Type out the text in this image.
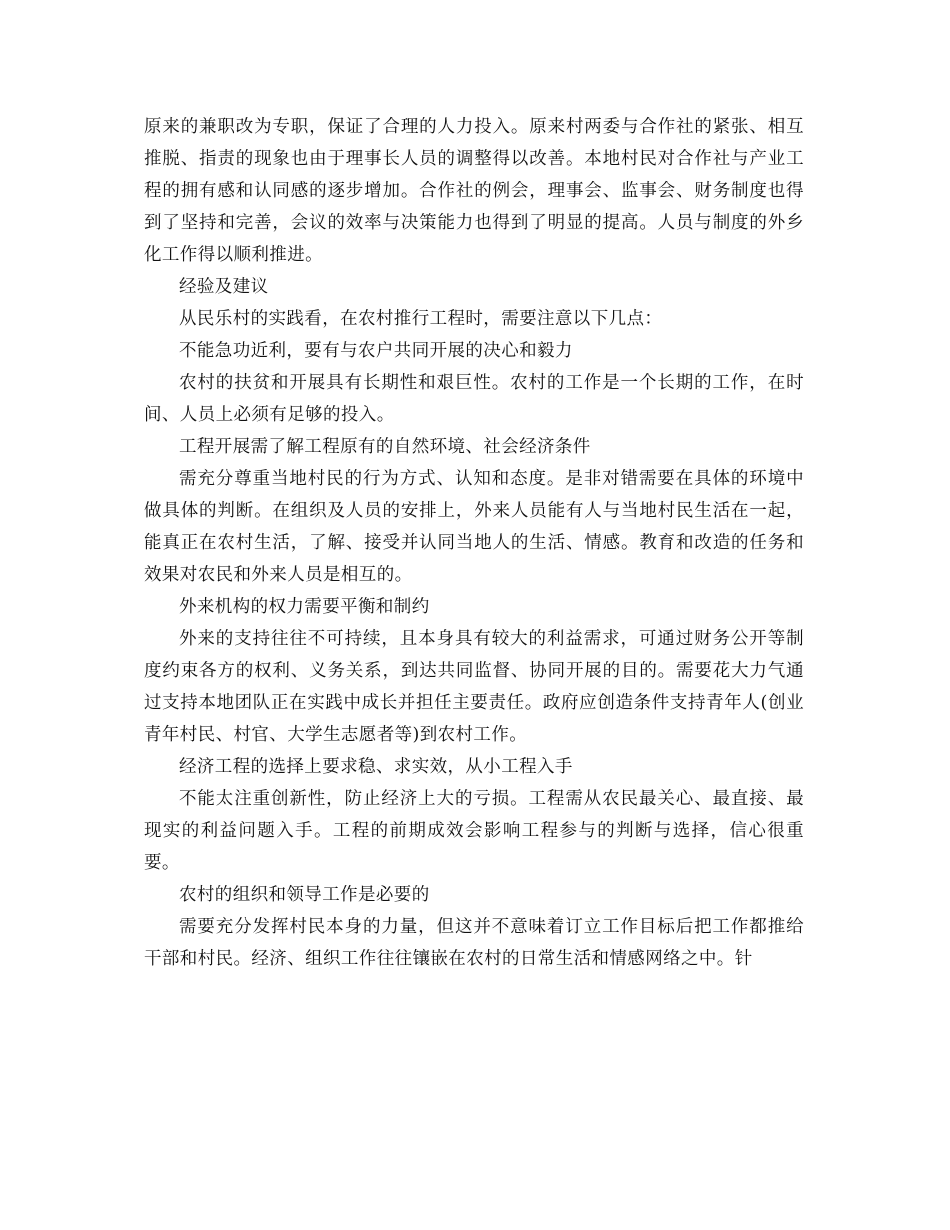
原来的兼职改为专职，保证了合理的人力投入。原来村两委与合作社的紧张、相互推脱、指责的现象也由于理事长人员的调整得以改善。本地村民对合作社与产业工程的拥有感和认同感的逐步增加。合作社的例会，理事会、监事会、财务制度也得到了坚持和完善，会议的效率与决策能力也得到了明显的提高。人员与制度的外乡化工作得以顺利推进。

经验及建议

从民乐村的实践看，在农村推行工程时，需要注意以下几点：

不能急功近利，要有与农户共同开展的决心和毅力

农村的扶贫和开展具有长期性和艰巨性。农村的工作是一个长期的工作，在时间、人员上必须有足够的投入。

工程开展需了解工程原有的自然环境、社会经济条件

需充分尊重当地村民的行为方式、认知和态度。是非对错需要在具体的环境中做具体的判断。在组织及人员的安排上，外来人员能有人与当地村民生活在一起，能真正在农村生活，了解、接受并认同当地人的生活、情感。教育和改造的任务和效果对农民和外来人员是相互的。

外来机构的权力需要平衡和制约

外来的支持往往不可持续，且本身具有较大的利益需求，可通过财务公开等制度约束各方的权利、义务关系，到达共同监督、协同开展的目的。需要花大力气通过支持本地团队正在实践中成长并担任主要责任。政府应创造条件支持青年人(创业青年村民、村官、大学生志愿者等)到农村工作。

经济工程的选择上要求稳、求实效，从小工程入手

不能太注重创新性，防止经济上大的亏损。工程需从农民最关心、最直接、最现实的利益问题入手。工程的前期成效会影响工程参与的判断与选择，信心很重要。

农村的组织和领导工作是必要的

需要充分发挥村民本身的力量，但这并不意味着订立工作目标后把工作都推给干部和村民。经济、组织工作往往镶嵌在农村的日常生活和情感网络之中。针
